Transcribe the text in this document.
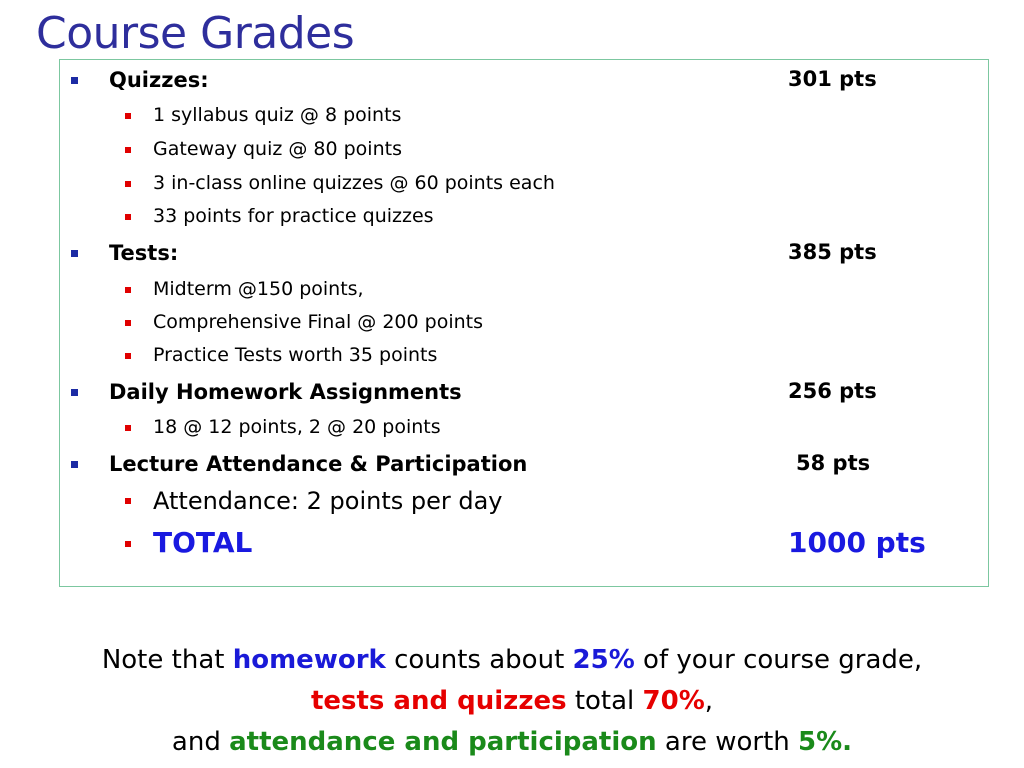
Course Grades
Quizzes:	301 pts
1 syllabus quiz @ 8 points
Gateway quiz @ 80 points
3 in-class online quizzes @ 60 points each
33 points for practice quizzes
Tests:	385 pts
Midterm @150 points,
Comprehensive Final @ 200 points
Practice Tests worth 35 points
Daily Homework Assignments	256 pts
18 @ 12 points, 2 @ 20 points
Lecture Attendance & Participation	58 pts
Attendance: 2 points per day
TOTAL	1000 pts
Note that homework counts about 25% of your course grade,
tests and quizzes total 70%,
and attendance and participation are worth 5%.
